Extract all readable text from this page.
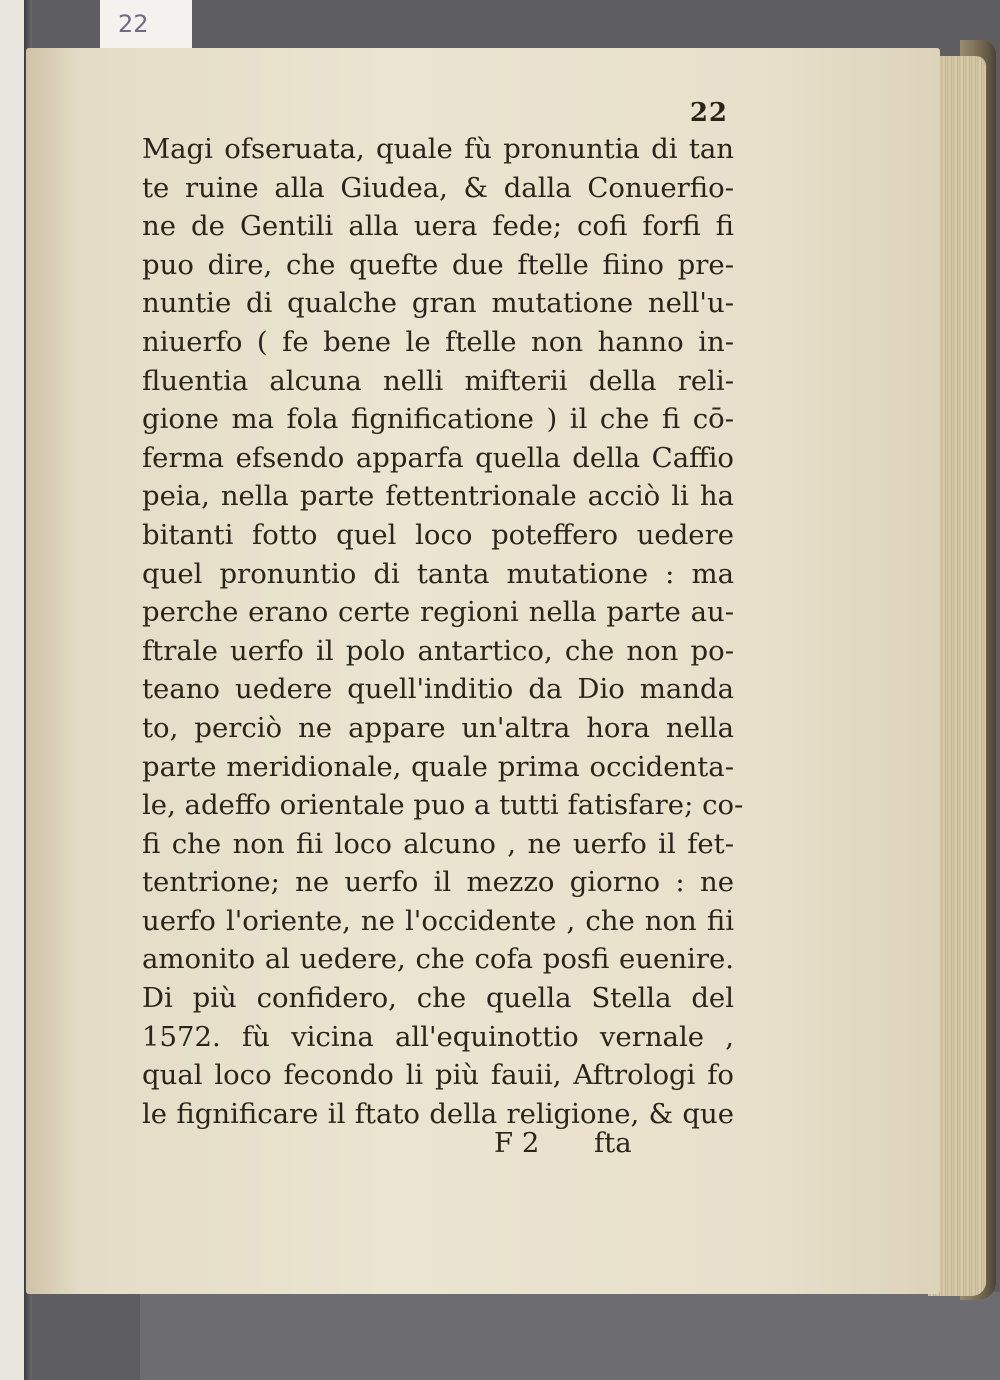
22
22
Magi ofseruata, quale fù pronuntia di tan
te ruine alla Giudea, & dalla Conuerfio-
ne de Gentili alla uera fede; cofi forfi fi
puo dire, che quefte due ftelle fiino pre-
nuntie di qualche gran mutatione nell'u-
niuerfo ( fe bene le ftelle non hanno in-
fluentia alcuna nelli mifterii della reli-
gione ma fola fignificatione ) il che fi cō-
ferma efsendo apparfa quella della Caffio
peia, nella parte fettentrionale acciò li ha
bitanti fotto quel loco poteffero uedere
quel pronuntio di tanta mutatione : ma
perche erano certe regioni nella parte au-
ftrale uerfo il polo antartico, che non po-
teano uedere quell'inditio da Dio manda
to, perciò ne appare un'altra hora nella
parte meridionale, quale prima occidenta-
le, adeffo orientale puo a tutti fatisfare; co-
fi che non fii loco alcuno , ne uerfo il fet-
tentrione; ne uerfo il mezzo giorno : ne
uerfo l'oriente, ne l'occidente , che non fii
amonito al uedere, che cofa posfi euenire.
Di più confidero, che quella Stella del
1572. fù vicina all'equinottio vernale ,
qual loco fecondo li più fauii, Aftrologi fo
le fignificare il ftato della religione, & que
F 2 fta
